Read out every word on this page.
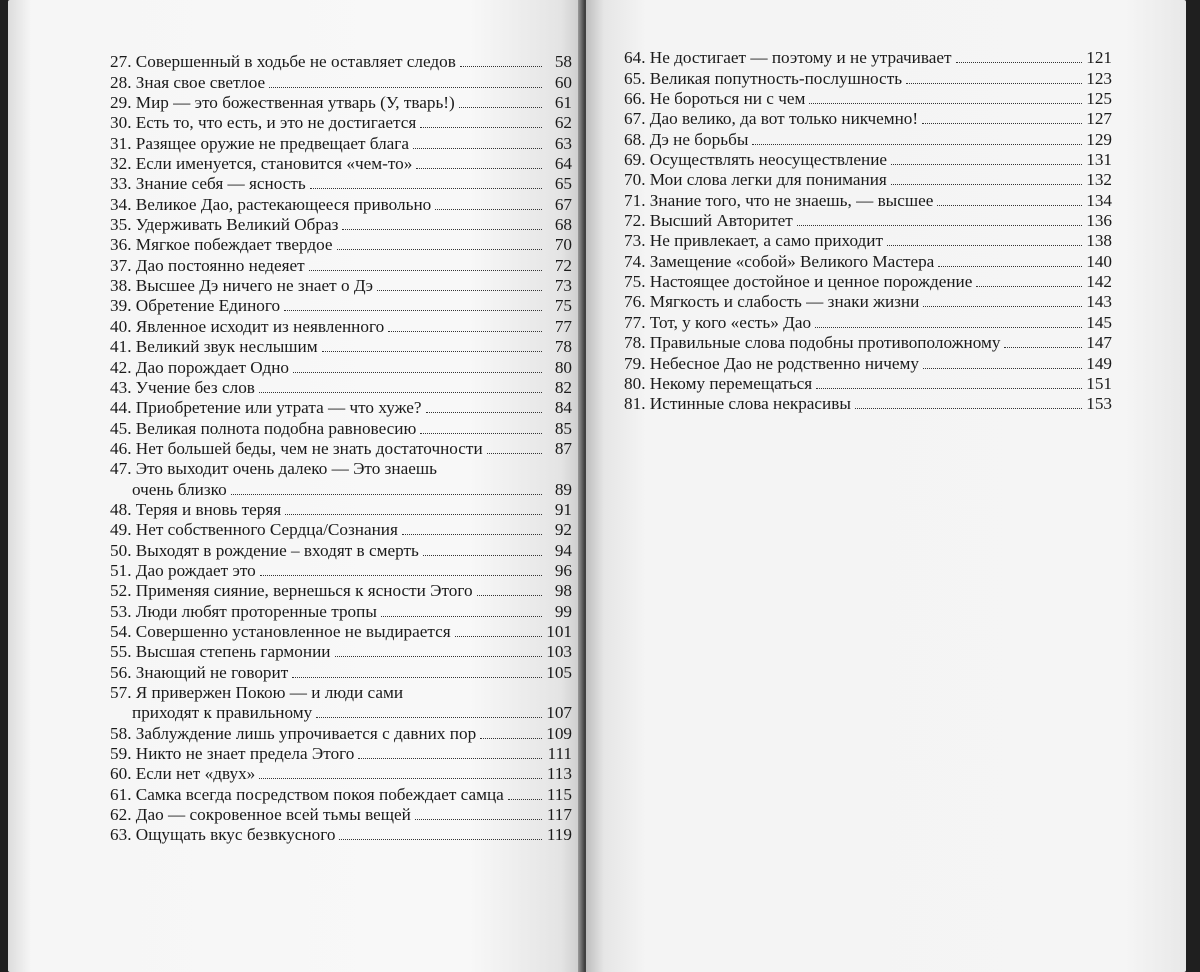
27. Совершенный в ходьбе не оставляет следов	58
28. Зная свое светлое	60
29. Мир — это божественная утварь (У, тварь!)	61
30. Есть то, что есть, и это не достигается	62
31. Разящее оружие не предвещает блага	63
32. Если именуется, становится «чем-то»	64
33. Знание себя — ясность	65
34. Великое Дао, растекающееся привольно	67
35. Удерживать Великий Образ	68
36. Мягкое побеждает твердое	70
37. Дао постоянно недеяет	72
38. Высшее Дэ ничего не знает о Дэ	73
39. Обретение Единого	75
40. Явленное исходит из неявленного	77
41. Великий звук неслышим	78
42. Дао порождает Одно	80
43. Учение без слов	82
44. Приобретение или утрата — что хуже?	84
45. Великая полнота подобна равновесию	85
46. Нет большей беды, чем не знать достаточности	87
47. Это выходит очень далеко — Это знаешь
очень близко	89
48. Теряя и вновь теряя	91
49. Нет собственного Сердца/Сознания	92
50. Выходят в рождение – входят в смерть	94
51. Дао рождает это	96
52. Применяя сияние, вернешься к ясности Этого	98
53. Люди любят проторенные тропы	99
54. Совершенно установленное не выдирается	101
55. Высшая степень гармонии	103
56. Знающий не говорит	105
57. Я привержен Покою — и люди сами
приходят к правильному	107
58. Заблуждение лишь упрочивается с давних пор	109
59. Никто не знает предела Этого	111
60. Если нет «двух»	113
61. Самка всегда посредством покоя побеждает самца	115
62. Дао — сокровенное всей тьмы вещей	117
63. Ощущать вкус безвкусного	119
64. Не достигает — поэтому и не утрачивает	121
65. Великая попутность-послушность	123
66. Не бороться ни с чем	125
67. Дао велико, да вот только никчемно!	127
68. Дэ не борьбы	129
69. Осуществлять неосуществление	131
70. Мои слова легки для понимания	132
71. Знание того, что не знаешь, — высшее	134
72. Высший Авторитет	136
73. Не привлекает, а само приходит	138
74. Замещение «собой» Великого Мастера	140
75. Настоящее достойное и ценное порождение	142
76. Мягкость и слабость — знаки жизни	143
77. Тот, у кого «есть» Дао	145
78. Правильные слова подобны противоположному	147
79. Небесное Дао не родственно ничему	149
80. Некому перемещаться	151
81. Истинные слова некрасивы	153
